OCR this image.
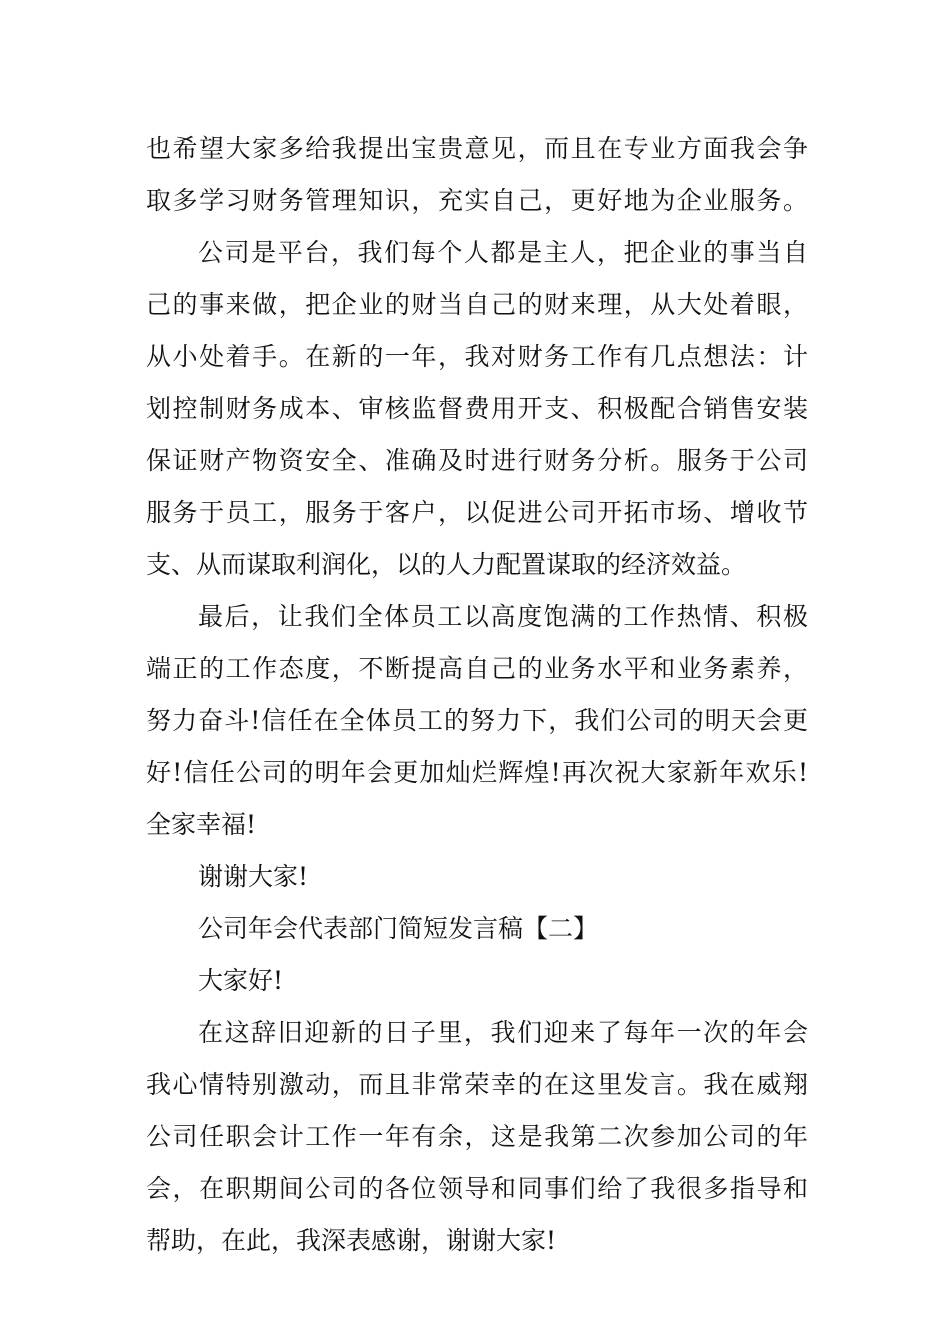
也希望大家多给我提出宝贵意见，而且在专业方面我会争
取多学习财务管理知识，充实自己，更好地为企业服务。
公司是平台，我们每个人都是主人，把企业的事当自
己的事来做，把企业的财当自己的财来理，从大处着眼，
从小处着手。在新的一年，我对财务工作有几点想法：计
划控制财务成本、审核监督费用开支、积极配合销售安装
保证财产物资安全、准确及时进行财务分析。服务于公司
服务于员工，服务于客户，以促进公司开拓市场、增收节
支、从而谋取利润化，以的人力配置谋取的经济效益。
最后，让我们全体员工以高度饱满的工作热情、积极
端正的工作态度，不断提高自己的业务水平和业务素养，
努力奋斗!信任在全体员工的努力下，我们公司的明天会更
好!信任公司的明年会更加灿烂辉煌!再次祝大家新年欢乐!
全家幸福!
谢谢大家!
公司年会代表部门简短发言稿【二】
大家好!
在这辞旧迎新的日子里，我们迎来了每年一次的年会
我心情特别激动，而且非常荣幸的在这里发言。我在威翔
公司任职会计工作一年有余，这是我第二次参加公司的年
会，在职期间公司的各位领导和同事们给了我很多指导和
帮助，在此，我深表感谢，谢谢大家!
